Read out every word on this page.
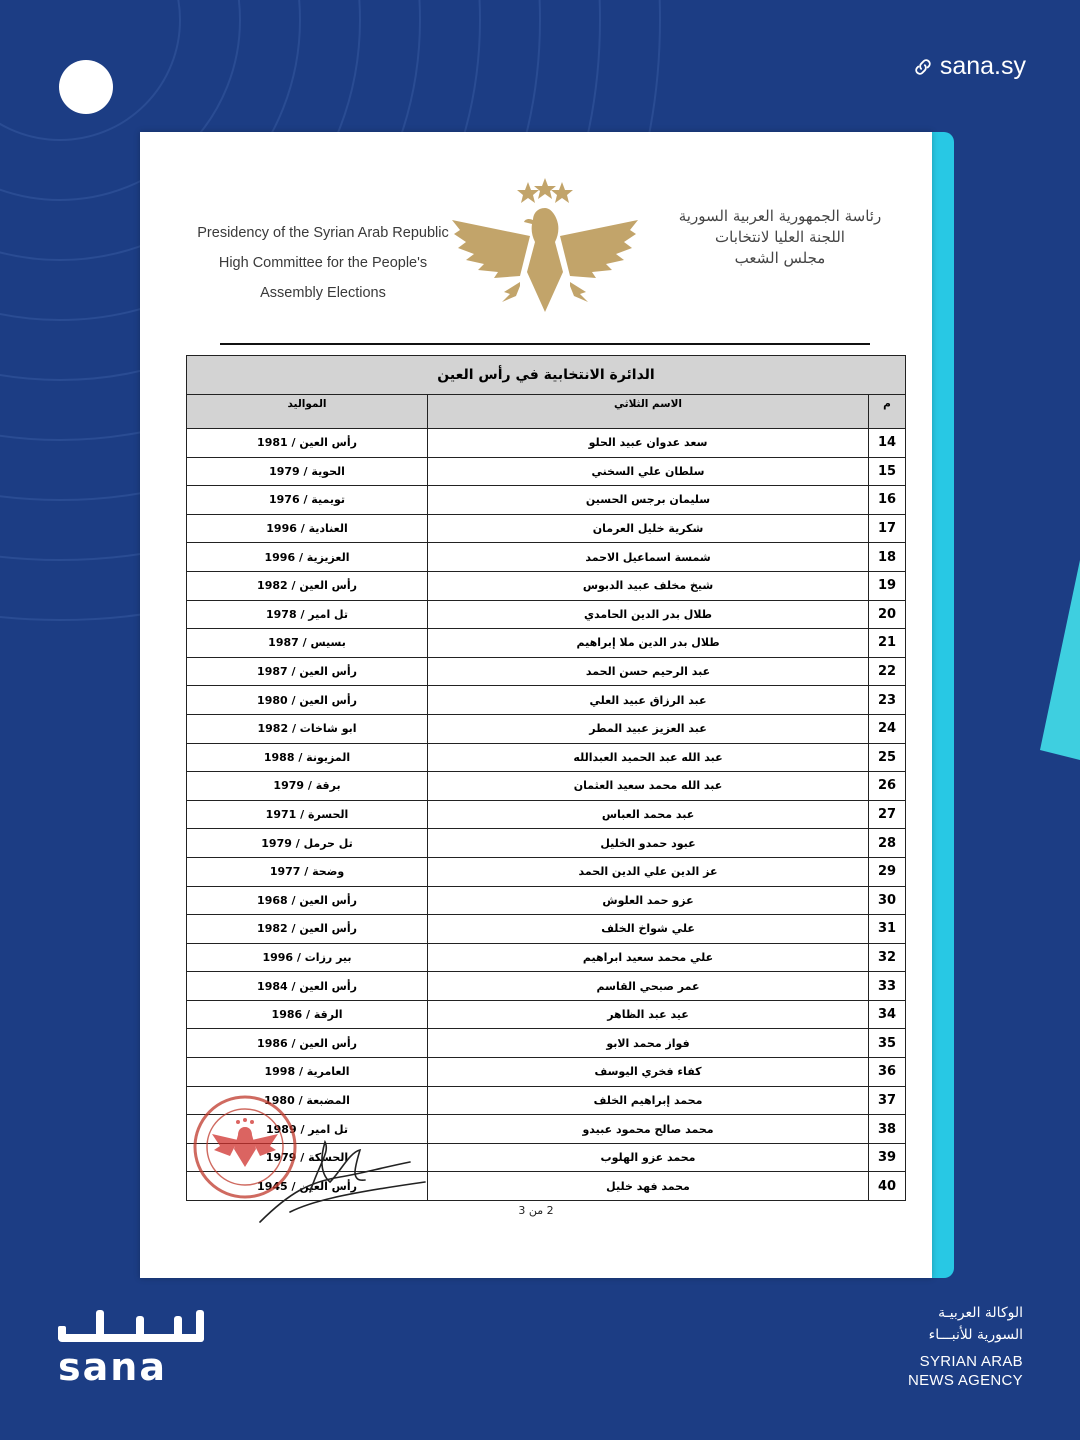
sana.sy
Presidency of the Syrian Arab Republic
High Committee for the People's
Assembly Elections
رئاسة الجمهورية العربية السورية
اللجنة العليا لانتخابات
مجلس الشعب
الدائرة الانتخابية في رأس العين		
م	الاسم الثلاثي	المواليد
14	سعد عدوان عبيد الحلو	رأس العين / 1981
15	سلطان علي السخني	الحوية / 1979
16	سليمان برجس الحسين	تويمية / 1976
17	شكرية خليل العرمان	العنادية / 1996
18	شمسة اسماعيل الاحمد	العزيزية / 1996
19	شيخ مخلف عبيد الدبوس	رأس العين / 1982
20	طلال بدر الدين الحامدي	تل امير / 1978
21	طلال بدر الدين ملا إبراهيم	بسيس / 1987
22	عبد الرحيم حسن الحمد	رأس العين / 1987
23	عبد الرزاق عبيد العلي	رأس العين / 1980
24	عبد العزيز عبيد المطر	ابو شاخات / 1982
25	عبد الله عبد الحميد العبدالله	المزيونة / 1988
26	عبد الله محمد سعيد العثمان	برقة / 1979
27	عبد محمد العباس	الحسرة / 1971
28	عبود حمدو الخليل	تل حرمل / 1979
29	عز الدين علي الدين الحمد	وضحة / 1977
30	عزو حمد العلوش	رأس العين / 1968
31	علي شواخ الخلف	رأس العين / 1982
32	علي محمد سعيد ابراهيم	بير رزات / 1996
33	عمر صبحي القاسم	رأس العين / 1984
34	عيد عبد الظاهر	الرقة / 1986
35	فواز محمد الابو	رأس العين / 1986
36	كفاء فخري اليوسف	العامرية / 1998
37	محمد إبراهيم الخلف	المضبعة / 1980
38	محمد صالح محمود عبيدو	تل امير / 1989
39	محمد عزو الهلوب	الحسكة / 1979
40	محمد فهد خليل	رأس العين / 1945
2 من 3
sana
الوكالة العربيـة
السورية للأنبـــاء
SYRIAN ARAB
NEWS AGENCY
